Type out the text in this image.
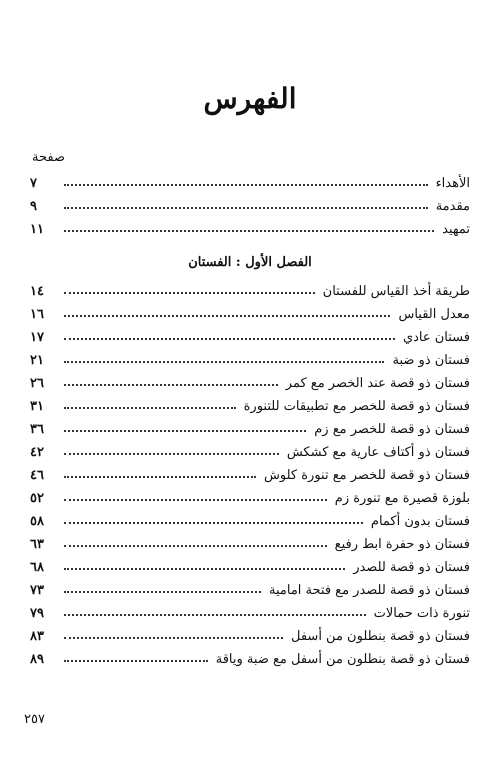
الفهرس
صفحة
الأهداء
٧
مقدمة
٩
تمهيد
١١
الفصل الأول : الفستان
طريقة أخذ القياس للفستان
١٤
معدل القياس
١٦
فستان عادي
١٧
فستان ذو ضبة
٢١
فستان ذو قصة عند الخصر مع كمر
٢٦
فستان ذو قصة للخصر مع تطبيقات للتنورة
٣١
فستان ذو قصة للخصر مع زم
٣٦
فستان ذو أكتاف عارية مع كشكش
٤٢
فستان ذو قصة للخصر مع تنورة كلوش
٤٦
بلوزة قصيرة مع تنورة زم
٥٢
فستان بدون أكمام
٥٨
فستان ذو حفرة ابط رفيع
٦٣
فستان ذو قصة للصدر
٦٨
فستان ذو قصة للصدر مع فتحة امامية
٧٣
تنورة ذات حمالات
٧٩
فستان ذو قصة بنطلون من أسفل
٨٣
فستان ذو قصة بنطلون من أسفل مع ضبة وياقة
٨٩
٢٥٧
